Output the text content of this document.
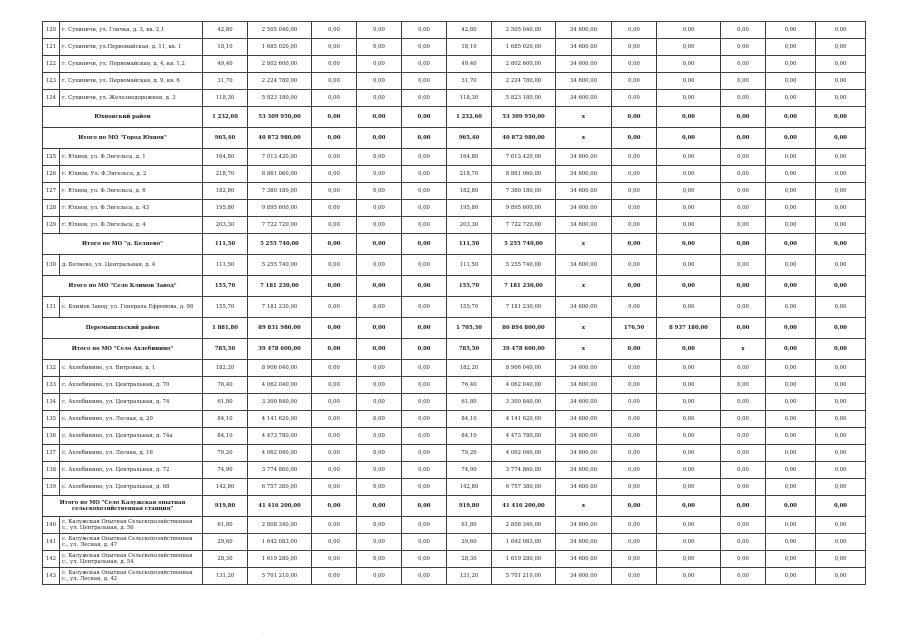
120	г. Сухиничи, ул. Гличка, д. 3, кв. 2,1	42,80	2 505 040,00	0,00	0,00	0,00	42,80	2 505 040,00	34 600,00	0,00	0,00	0,00	0,00	0,00
121	г. Сухиничи, ул.Первомайская, д. 11, кв. 1	18,10	1 685 020,00	0,00	0,00	0,00	18,10	1 685 020,00	34 600,00	0,00	0,00	0,00	0,00	0,00
122	г. Сухиничи, ул. Первомайская, д. 4, кв. 1,2	49,40	2 802 600,00	0,00	0,00	0,00	49,40	2 802 600,00	34 600,00	0,00	0,00	0,00	0,00	0,00
123	г. Сухиничи, ул. Первомайская, д. 9, кв. 6	31,70	2 224 780,00	0,00	0,00	0,00	31,70	2 224 780,00	34 600,00	0,00	0,00	0,00	0,00	0,00
124	г. Сухиничи, ул. Железнодорожная, д. 3	118,30	5 823 180,00	0,00	0,00	0,00	118,30	5 823 180,00	34 600,00	0,00	0,00	0,00	0,00	0,00
Юхновский район		1 232,60	53 309 950,00	0,00	0,00	0,00	1 232,60	53 309 950,00	x	0,00	0,00	0,00	0,00	0,00
Итого по МО "Город Юхнов"		965,40	40 872 980,00	0,00	0,00	0,00	965,40	40 872 980,00	x	0,00	0,00	0,00	0,00	0,00
125	г. Юхнов, ул. Ф.Энгельса, д. 1	164,80	7 013 420,00	0,00	0,00	0,00	164,80	7 013 420,00	34 600,00	0,00	0,00	0,00	0,00	0,00
126	г. Юхнов, Ул. Ф.Энгельса, д. 2	218,70	8 861 060,00	0,00	0,00	0,00	218,70	8 861 060,00	34 600,00	0,00	0,00	0,00	0,00	0,00
127	г. Юхнов, ул. Ф.Энгельса, д. 6	182,80	7 380 180,00	0,00	0,00	0,00	182,80	7 380 180,00	34 600,00	0,00	0,00	0,00	0,00	0,00
128	г. Юхнов, ул. Ф.Энгельса, д. 43	195,80	9 895 600,00	0,00	0,00	0,00	195,80	9 895 600,00	34 600,00	0,00	0,00	0,00	0,00	0,00
129	г. Юхнов, ул. Ф.Энгельса, д. 4	203,30	7 722 720,00	0,00	0,00	0,00	203,30	7 722 720,00	34 600,00	0,00	0,00	0,00	0,00	0,00
Итого по МО "д. Беляево"		111,50	5 255 740,00	0,00	0,00	0,00	111,50	5 255 740,00	x	0,00	0,00	0,00	0,00	0,00
130	д. Беляево, ул. Центральная, д. 4	111,50	5 255 740,00	0,00	0,00	0,00	111,50	5 255 740,00	34 600,00	0,00	0,00	0,00	0,00	0,00
Итого по МО "Село Климов Завод"		155,70	7 181 230,00	0,00	0,00	0,00	155,70	7 181 230,00	x	0,00	0,00	0,00	0,00	0,00
131	с. Климов Завод, ул. Генерала Ефремова, д. 98	155,70	7 181 230,00	0,00	0,00	0,00	155,70	7 181 230,00	34 600,00	9,00	0,00	0,00	0,00	0,00
Перемышльский район		1 881,80	89 831 980,00	0,00	0,00	0,00	1 705,30	80 894 800,00	x	176,50	8 937 180,00	0,00	0,00	0,00
Итого по МО "Село Ахлебинино"		785,50	39 478 600,00	0,00	0,00	0,00	785,50	39 478 600,00	x	0,00	0,00	x	0,00	0,00
132	с. Ахлебинино, ул. Витровая, д. 1	182,20	8 906 040,00	0,00	0,00	0,00	182,20	8 906 040,00	34 600,00	0,00	0,00	0,00	0,00	0,00
133	с. Ахлебинино, ул. Центральная, д. 70	76,40	4 062 040,00	0,00	0,00	0,00	76,40	4 062 040,00	34 600,00	0,00	0,00	0,00	0,00	0,00
134	с. Ахлебинино, ул. Центральная, д. 74	61,80	3 300 840,00	0,00	0,00	0,00	61,80	3 300 840,00	34 600,00	0,00	0,00	0,00	0,00	0,00
135	с. Ахлебинино, ул. Лесная, д. 20	84,10	4 141 620,00	0,00	0,00	0,00	84,10	4 141 620,00	34 600,00	0,00	0,00	0,00	0,00	0,00
136	с. Ахлебинино, ул. Центральная, д. 74а	84,10	4 473 780,00	0,00	0,00	0,00	84,10	4 473 780,00	34 600,00	0,00	0,00	0,00	0,00	0,00
137	с. Ахлебинино, ул. Лесная, д. 16	79,20	4 062 040,00	0,00	0,00	0,00	79,20	4 062 040,00	34 600,00	0,00	0,00	0,00	0,00	0,00
138	с. Ахлебинино, ул. Центральная, д. 72	74,90	3 774 860,00	0,00	0,00	0,00	74,90	3 774 860,00	34 600,00	0,00	0,00	0,00	0,00	0,00
139	с. Ахлебинино, ул. Центральная, д. 68	142,80	6 757 380,00	0,00	0,00	0,00	142,80	6 757 380,00	34 600,00	0,00	0,00	0,00	0,00	0,00
Итого по МО "Село Калужская опытная сельскохозяйственная станция"		919,80	41 416 200,00	0,00	0,00	0,00	919,80	41 416 200,00	x	0,00	0,00	0,00	0,00	0,00
140	с. Калужская Опытная Сельскохозяйственная с., ул. Центральная, д. 56	61,80	2 808 340,00	0,00	0,00	0,00	61,80	2 808 340,00	34 600,00	0,00	0,00	0,00	0,00	0,00
141	с. Калужская Опытная Сельскохозяйственная с., ул. Лесная, д. 47	29,60	1 642 083,00	0,00	0,00	0,00	29,60	1 642 083,00	34 600,00	0,00	0,00	0,00	0,00	0,00
142	с. Калужская Опытная Сельскохозяйственная с., ул. Центральная, д. 54	28,30	1 619 280,00	0,00	0,00	0,00	28,30	1 619 280,00	34 600,00	0,00	0,00	0,00	0,00	0,00
143	с. Калужская Опытная Сельскохозяйственная с., ул. Лесная, д. 42	131,20	5 701 210,00	0,00	0,00	0,00	131,20	5 701 210,00	34 600,00	0,00	0,00	0,00	0,00	0,00
·
